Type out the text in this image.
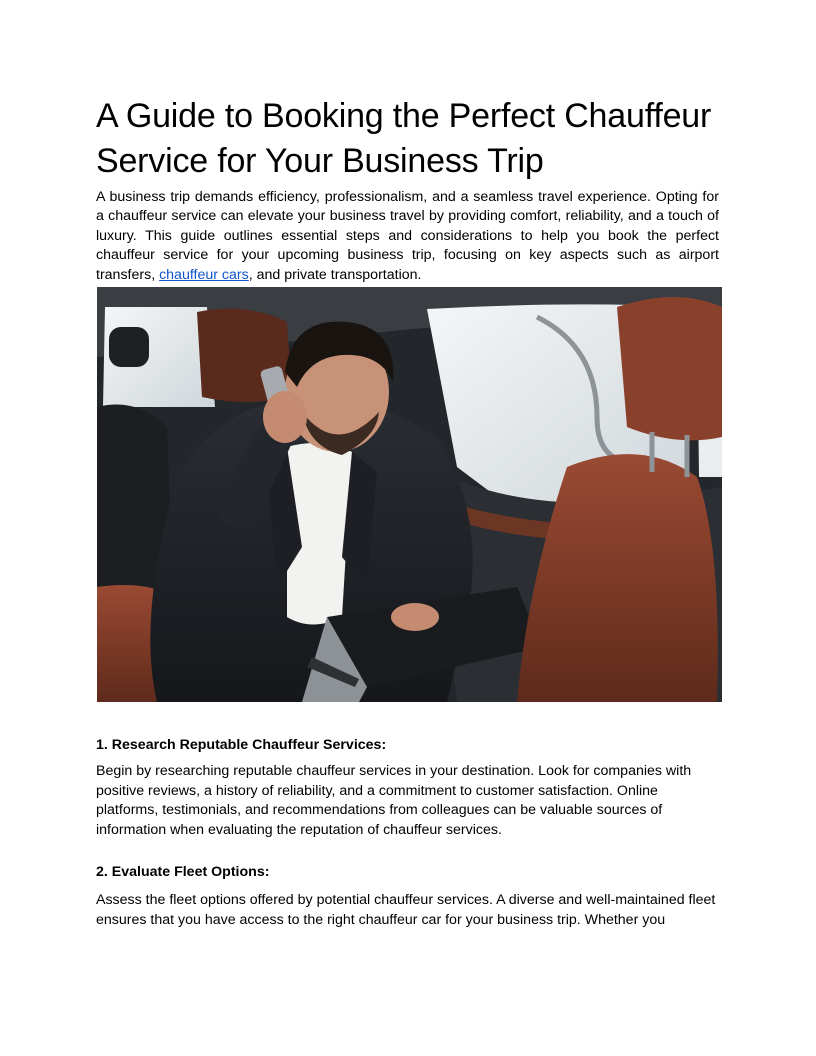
A Guide to Booking the Perfect Chauffeur Service for Your Business Trip

A business trip demands efficiency, professionalism, and a seamless travel experience. Opting for a chauffeur service can elevate your business travel by providing comfort, reliability, and a touch of luxury. This guide outlines essential steps and considerations to help you book the perfect chauffeur service for your upcoming business trip, focusing on key aspects such as airport transfers, chauffeur cars, and private transportation.

1. Research Reputable Chauffeur Services:

Begin by researching reputable chauffeur services in your destination. Look for companies with positive reviews, a history of reliability, and a commitment to customer satisfaction. Online platforms, testimonials, and recommendations from colleagues can be valuable sources of information when evaluating the reputation of chauffeur services.

2. Evaluate Fleet Options:

Assess the fleet options offered by potential chauffeur services. A diverse and well-maintained fleet ensures that you have access to the right chauffeur car for your business trip. Whether you
